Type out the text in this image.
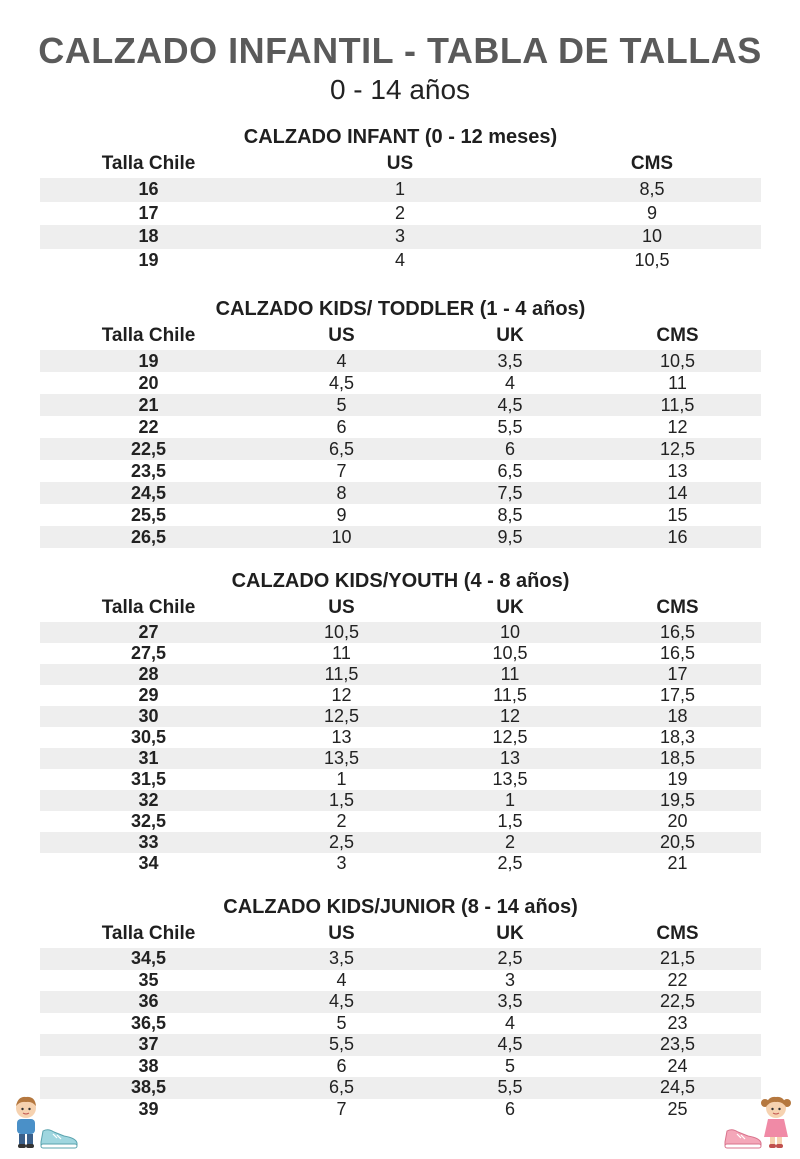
CALZADO INFANTIL - TABLA DE TALLAS
0 - 14 años
CALZADO INFANT (0 - 12 meses)
Talla Chile	US	CMS
16	1	8,5
17	2	9
18	3	10
19	4	10,5
CALZADO KIDS/ TODDLER (1 - 4 años)
Talla Chile	US	UK	CMS
19	4	3,5	10,5
20	4,5	4	11
21	5	4,5	11,5
22	6	5,5	12
22,5	6,5	6	12,5
23,5	7	6,5	13
24,5	8	7,5	14
25,5	9	8,5	15
26,5	10	9,5	16
CALZADO KIDS/YOUTH (4 - 8 años)
Talla Chile	US	UK	CMS
27	10,5	10	16,5
27,5	11	10,5	16,5
28	11,5	11	17
29	12	11,5	17,5
30	12,5	12	18
30,5	13	12,5	18,3
31	13,5	13	18,5
31,5	1	13,5	19
32	1,5	1	19,5
32,5	2	1,5	20
33	2,5	2	20,5
34	3	2,5	21
CALZADO KIDS/JUNIOR (8 - 14 años)
Talla Chile	US	UK	CMS
34,5	3,5	2,5	21,5
35	4	3	22
36	4,5	3,5	22,5
36,5	5	4	23
37	5,5	4,5	23,5
38	6	5	24
38,5	6,5	5,5	24,5
39	7	6	25
